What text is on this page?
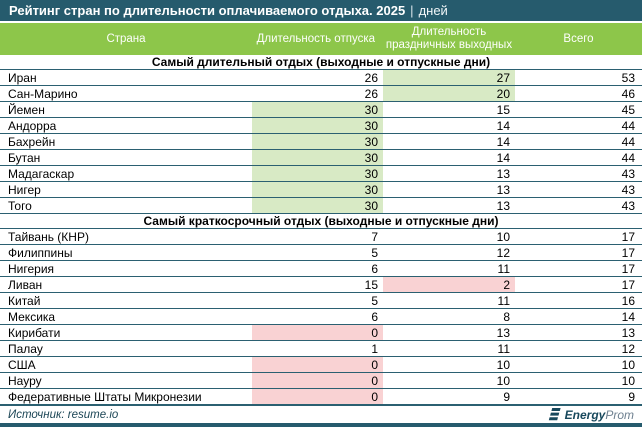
Рейтинг стран по длительности оплачиваемого отдыха. 2025 | дней
Страна	Длительность отпуска	Длительность праздничных выходных	Всего
Самый длительный отдых (выходные и отпускные дни)			
Иран	26	27	53
Сан-Марино	26	20	46
Йемен	30	15	45
Андорра	30	14	44
Бахрейн	30	14	44
Бутан	30	14	44
Мадагаскар	30	13	43
Нигер	30	13	43
Того	30	13	43
Самый краткосрочный отдых (выходные и отпускные дни)			
Тайвань (КНР)	7	10	17
Филиппины	5	12	17
Нигерия	6	11	17
Ливан	15	2	17
Китай	5	11	16
Мексика	6	8	14
Кирибати	0	13	13
Палау	1	11	12
США	0	10	10
Науру	0	10	10
Федеративные Штаты Микронезии	0	9	9
Источник: resume.io	EnergyProm
